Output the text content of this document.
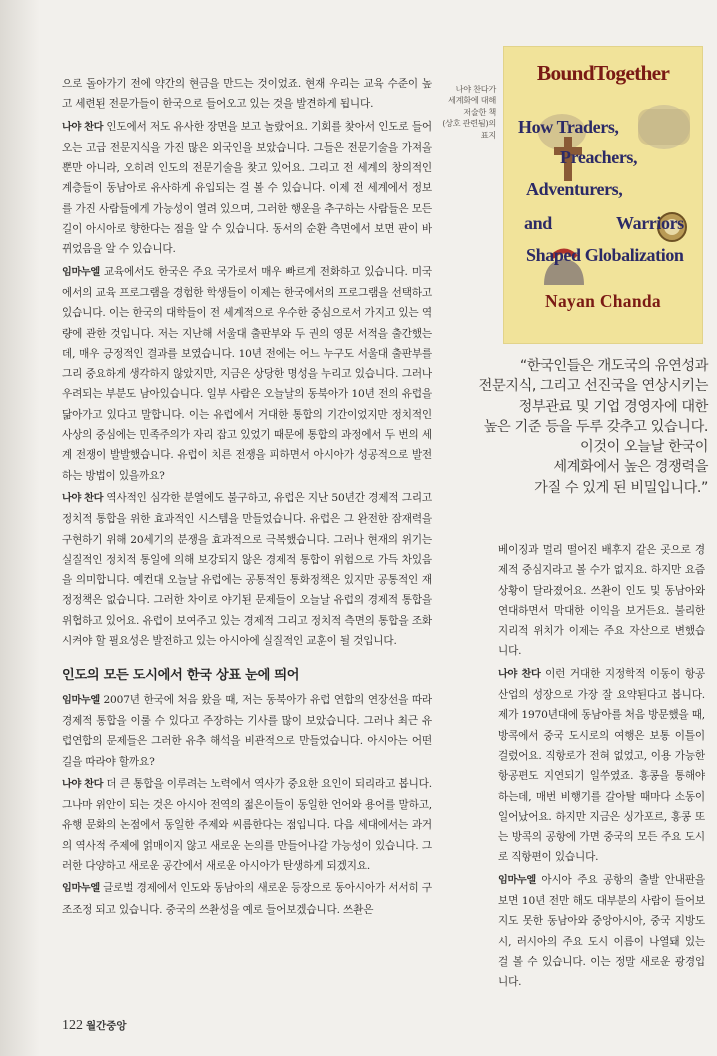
으로 돌아가기 전에 약간의 현금을 만드는 것이었죠. 현재 우리는 교육 수준이 높고 세련된 전문가들이 한국으로 들어오고 있는 것을 발견하게 됩니다.

나야 찬다 인도에서 저도 유사한 장면을 보고 놀랐어요. 기회를 찾아서 인도로 들어오는 고급 전문지식을 가진 많은 외국인을 보았습니다. 그들은 전문기술을 가져올 뿐만 아니라, 오히려 인도의 전문기술을 찾고 있어요. 그리고 전 세계의 창의적인 계층들이 동남아로 유사하게 유입되는 걸 볼 수 있습니다. 이제 전 세계에서 정보를 가진 사람들에게 가능성이 열려 있으며, 그러한 행운을 추구하는 사람들은 모든 길이 아시아로 향한다는 점을 알 수 있습니다. 동서의 순환 측면에서 보면 판이 바뀌었음을 알 수 있습니다.

임마누엘 교육에서도 한국은 주요 국가로서 매우 빠르게 전화하고 있습니다. 미국에서의 교육 프로그램을 경험한 학생들이 이제는 한국에서의 프로그램을 선택하고 있습니다. 이는 한국의 대학들이 전 세계적으로 우수한 중심으로서 가지고 있는 역량에 관한 것입니다. 저는 지난해 서울대 출판부와 두 권의 영문 서적을 출간했는데, 매우 긍정적인 결과를 보였습니다. 10년 전에는 어느 누구도 서울대 출판부를 그리 중요하게 생각하지 않았지만, 지금은 상당한 명성을 누리고 있습니다. 그러나 우려되는 부분도 남아있습니다. 일부 사람은 오늘날의 동북아가 10년 전의 유럽을 닮아가고 있다고 말합니다. 이는 유럽에서 거대한 통합의 기간이었지만 정치적인 사상의 중심에는 민족주의가 자리 잡고 있었기 때문에 통합의 과정에서 두 번의 세계 전쟁이 발발했습니다. 유럽이 치른 전쟁을 피하면서 아시아가 성공적으로 발전하는 방법이 있을까요?

나야 찬다 역사적인 심각한 분열에도 불구하고, 유럽은 지난 50년간 경제적 그리고 정치적 통합을 위한 효과적인 시스템을 만들었습니다. 유럽은 그 완전한 잠재력을 구현하기 위해 20세기의 분쟁을 효과적으로 극복했습니다. 그러나 현재의 위기는 실질적인 정치적 통일에 의해 보강되지 않은 경제적 통합이 위험으로 가득 차있음을 의미합니다. 예컨대 오늘날 유럽에는 공통적인 통화정책은 있지만 공통적인 재정정책은 없습니다. 그러한 차이로 야기된 문제들이 오늘날 유럽의 경제적 통합을 위협하고 있어요. 유럽이 보여주고 있는 경제적 그리고 정치적 측면의 통합을 조화시켜야 할 필요성은 발전하고 있는 아시아에 실질적인 교훈이 될 것입니다.

인도의 모든 도시에서 한국 상표 눈에 띄어

임마누엘 2007년 한국에 처음 왔을 때, 저는 동북아가 유럽 연합의 연장선을 따라 경제적 통합을 이룰 수 있다고 주장하는 기사를 많이 보았습니다. 그러나 최근 유럽연합의 문제들은 그러한 유추 해석을 비관적으로 만들었습니다. 아시아는 어떤 길을 따라야 할까요?

나야 찬다 더 큰 통합을 이루려는 노력에서 역사가 중요한 요인이 되리라고 봅니다. 그나마 위안이 되는 것은 아시아 전역의 젊은이들이 동일한 언어와 용어를 말하고, 유행 문화의 논점에서 동일한 주제와 씨름한다는 점입니다. 다음 세대에서는 과거의 역사적 주제에 얽매이지 않고 새로운 논의를 만들어나갈 가능성이 있습니다. 그러한 다양하고 새로운 공간에서 새로운 아시아가 탄생하게 되겠지요.

임마누엘 글로벌 경제에서 인도와 동남아의 새로운 등장으로 동아시아가 서서히 구조조정 되고 있습니다. 중국의 쓰촨성을 예로 들어보겠습니다. 쓰촨은

나야 찬다가
세계화에 대해
저술한 책
(상호 관련됨)의
표지
BoundTogether
How Traders,
Preachers,
Adventurers,
and	Warriors
Shaped Globalization
Nayan Chanda
“한국인들은 개도국의 유연성과
전문지식, 그리고 선진국을 연상시키는
정부관료 및 기업 경영자에 대한
높은 기준 등을 두루 갖추고 있습니다.
이것이 오늘날 한국이
세계화에서 높은 경쟁력을
가질 수 있게 된 비밀입니다.”

베이징과 멀리 떨어진 배후지 같은 곳으로 경제적 중심지라고 볼 수가 없지요. 하지만 요즘 상황이 달라졌어요. 쓰촨이 인도 및 동남아와 연대하면서 막대한 이익을 보거든요. 불리한 지리적 위치가 이제는 주요 자산으로 변했습니다.

나야 찬다 이런 거대한 지정학적 이동이 항공산업의 성장으로 가장 잘 요약된다고 봅니다. 제가 1970년대에 동남아를 처음 방문했을 때, 방콕에서 중국 도시로의 여행은 보통 이틀이 걸렸어요. 직항로가 전혀 없었고, 이용 가능한 항공편도 지연되기 일쑤였죠. 홍콩을 통해야 하는데, 매번 비행기를 갈아탈 때마다 소동이 일어났어요. 하지만 지금은 싱가포르, 홍콩 또는 방콕의 공항에 가면 중국의 모든 주요 도시로 직항편이 있습니다.

임마누엘 아시아 주요 공항의 출발 안내판을 보면 10년 전만 해도 대부분의 사람이 들어보지도 못한 동남아와 중앙아시아, 중국 지방도시, 러시아의 주요 도시 이름이 나열돼 있는 걸 볼 수 있습니다. 이는 정말 새로운 광경입니다.

122 월간중앙
